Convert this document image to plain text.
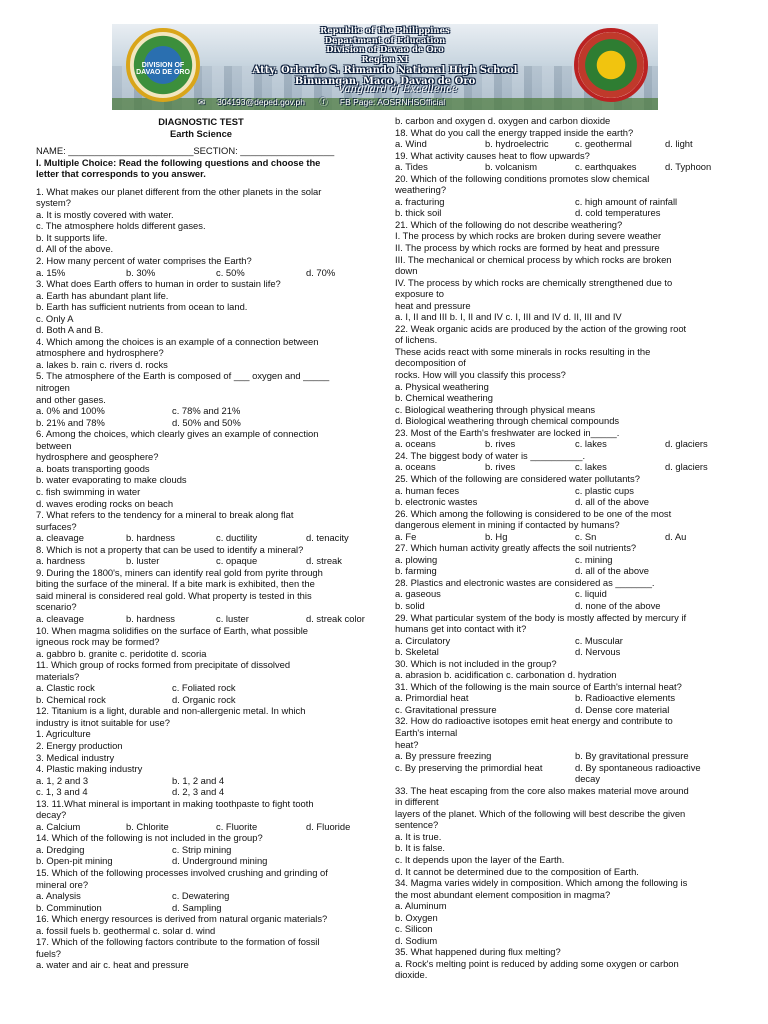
DIVISION OF DAVAO DE ORO
Republic of the Philippines
Department of Education
Division of Davao de Oro
Region XI
Atty. Orlando S. Rimando National High School
Binuangan, Maco, Davao de Oro
Vanguard of Excellence
✉ 304193@deped.gov.ph ⓕ FB Page: AOSRNHSOfficial
DIAGNOSTIC TEST
Earth Science
NAME: ________________________SECTION: __________________
I. Multiple Choice: Read the following questions and choose the
letter that corresponds to you answer.
1. What makes our planet different from the other planets in the solar
system?
a. It is mostly covered with water.
c. The atmosphere holds different gases.
b. It supports life.
d. All of the above.
2. How many percent of water comprises the Earth?
a. 15%	b. 30%	c. 50%	d. 70%
3. What does Earth offers to human in order to sustain life?
a. Earth has abundant plant life.
b. Earth has sufficient nutrients from ocean to land.
c. Only A
d. Both A and B.
4. Which among the choices is an example of a connection between
atmosphere and hydrosphere?
a. lakes b. rain c. rivers d. rocks
5. The atmosphere of the Earth is composed of ___ oxygen and _____
nitrogen
and other gases.
a. 0% and 100%	c. 78% and 21%
b. 21% and 78%	d. 50% and 50%
6. Among the choices, which clearly gives an example of connection
between
hydrosphere and geosphere?
a. boats transporting goods
b. water evaporating to make clouds
c. fish swimming in water
d. waves eroding rocks on beach
7. What refers to the tendency for a mineral to break along flat
surfaces?
a. cleavage	b. hardness	c. ductility	d. tenacity
8. Which is not a property that can be used to identify a mineral?
a. hardness	b. luster	c. opaque	d. streak
9. During the 1800's, miners can identify real gold from pyrite through
biting the surface of the mineral. If a bite mark is exhibited, then the
said mineral is considered real gold. What property is tested in this
scenario?
a. cleavage	b. hardness	c. luster	d. streak color
10. When magma solidifies on the surface of Earth, what possible
igneous rock may be formed?
a. gabbro b. granite c. peridotite d. scoria
11. Which group of rocks formed from precipitate of dissolved
materials?
a. Clastic rock	c. Foliated rock
b. Chemical rock	d. Organic rock
12. Titanium is a light, durable and non-allergenic metal. In which
industry is itnot suitable for use?
1. Agriculture
2. Energy production
3. Medical industry
4. Plastic making industry
a. 1, 2 and 3	b. 1, 2 and 4
c. 1, 3 and 4	d. 2, 3 and 4
13. 11.What mineral is important in making toothpaste to fight tooth
decay?
a. Calcium	b. Chlorite	c. Fluorite	d. Fluoride
14. Which of the following is not included in the group?
a. Dredging	c. Strip mining
b. Open-pit mining	d. Underground mining
15. Which of the following processes involved crushing and grinding of
mineral ore?
a. Analysis	c. Dewatering
b. Comminution	d. Sampling
16. Which energy resources is derived from natural organic materials?
a. fossil fuels b. geothermal c. solar d. wind
17. Which of the following factors contribute to the formation of fossil
fuels?
a. water and air c. heat and pressure
b. carbon and oxygen d. oxygen and carbon dioxide
18. What do you call the energy trapped inside the earth?
a. Wind	b. hydroelectric	c. geothermal	d. light
19. What activity causes heat to flow upwards?
a. Tides	b. volcanism	c. earthquakes	d. Typhoon
20. Which of the following conditions promotes slow chemical
weathering?
a. fracturing	c. high amount of rainfall
b. thick soil	d. cold temperatures
21. Which of the following do not describe weathering?
I. The process by which rocks are broken during severe weather
II. The process by which rocks are formed by heat and pressure
III. The mechanical or chemical process by which rocks are broken
down
IV. The process by which rocks are chemically strengthened due to
exposure to
heat and pressure
a. I, II and III b. I, II and IV c. I, III and IV d. II, III and IV
22. Weak organic acids are produced by the action of the growing root
of lichens.
These acids react with some minerals in rocks resulting in the
decomposition of
rocks. How will you classify this process?
a. Physical weathering
b. Chemical weathering
c. Biological weathering through physical means
d. Biological weathering through chemical compounds
23. Most of the Earth's freshwater are locked in_____.
a. oceans	b. rives	c. lakes	d. glaciers
24. The biggest body of water is __________.
a. oceans	b. rives	c. lakes	d. glaciers
25. Which of the following are considered water pollutants?
a. human feces	c. plastic cups
b. electronic wastes	d. all of the above
26. Which among the following is considered to be one of the most
dangerous element in mining if contacted by humans?
a. Fe	b. Hg	c. Sn	d. Au
27. Which human activity greatly affects the soil nutrients?
a. plowing	c. mining
b. farming	d. all of the above
28. Plastics and electronic wastes are considered as _______.
a. gaseous	c. liquid
b. solid	d. none of the above
29. What particular system of the body is mostly affected by mercury if
humans get into contact with it?
a. Circulatory	c. Muscular
b. Skeletal	d. Nervous
30. Which is not included in the group?
a. abrasion b. acidification c. carbonation d. hydration
31. Which of the following is the main source of Earth's internal heat?
a. Primordial heat	b. Radioactive elements
c. Gravitational pressure	d. Dense core material
32. How do radioactive isotopes emit heat energy and contribute to
Earth's internal
heat?
a. By pressure freezing	b. By gravitational pressure
c. By preserving the primordial heat	d. By spontaneous radioactive
decay
33. The heat escaping from the core also makes material move around
in different
layers of the planet. Which of the following will best describe the given
sentence?
a. It is true.
b. It is false.
c. It depends upon the layer of the Earth.
d. It cannot be determined due to the composition of Earth.
34. Magma varies widely in composition. Which among the following is
the most abundant element composition in magma?
a. Aluminum
b. Oxygen
c. Silicon
d. Sodium
35. What happened during flux melting?
a. Rock's melting point is reduced by adding some oxygen or carbon
dioxide.
